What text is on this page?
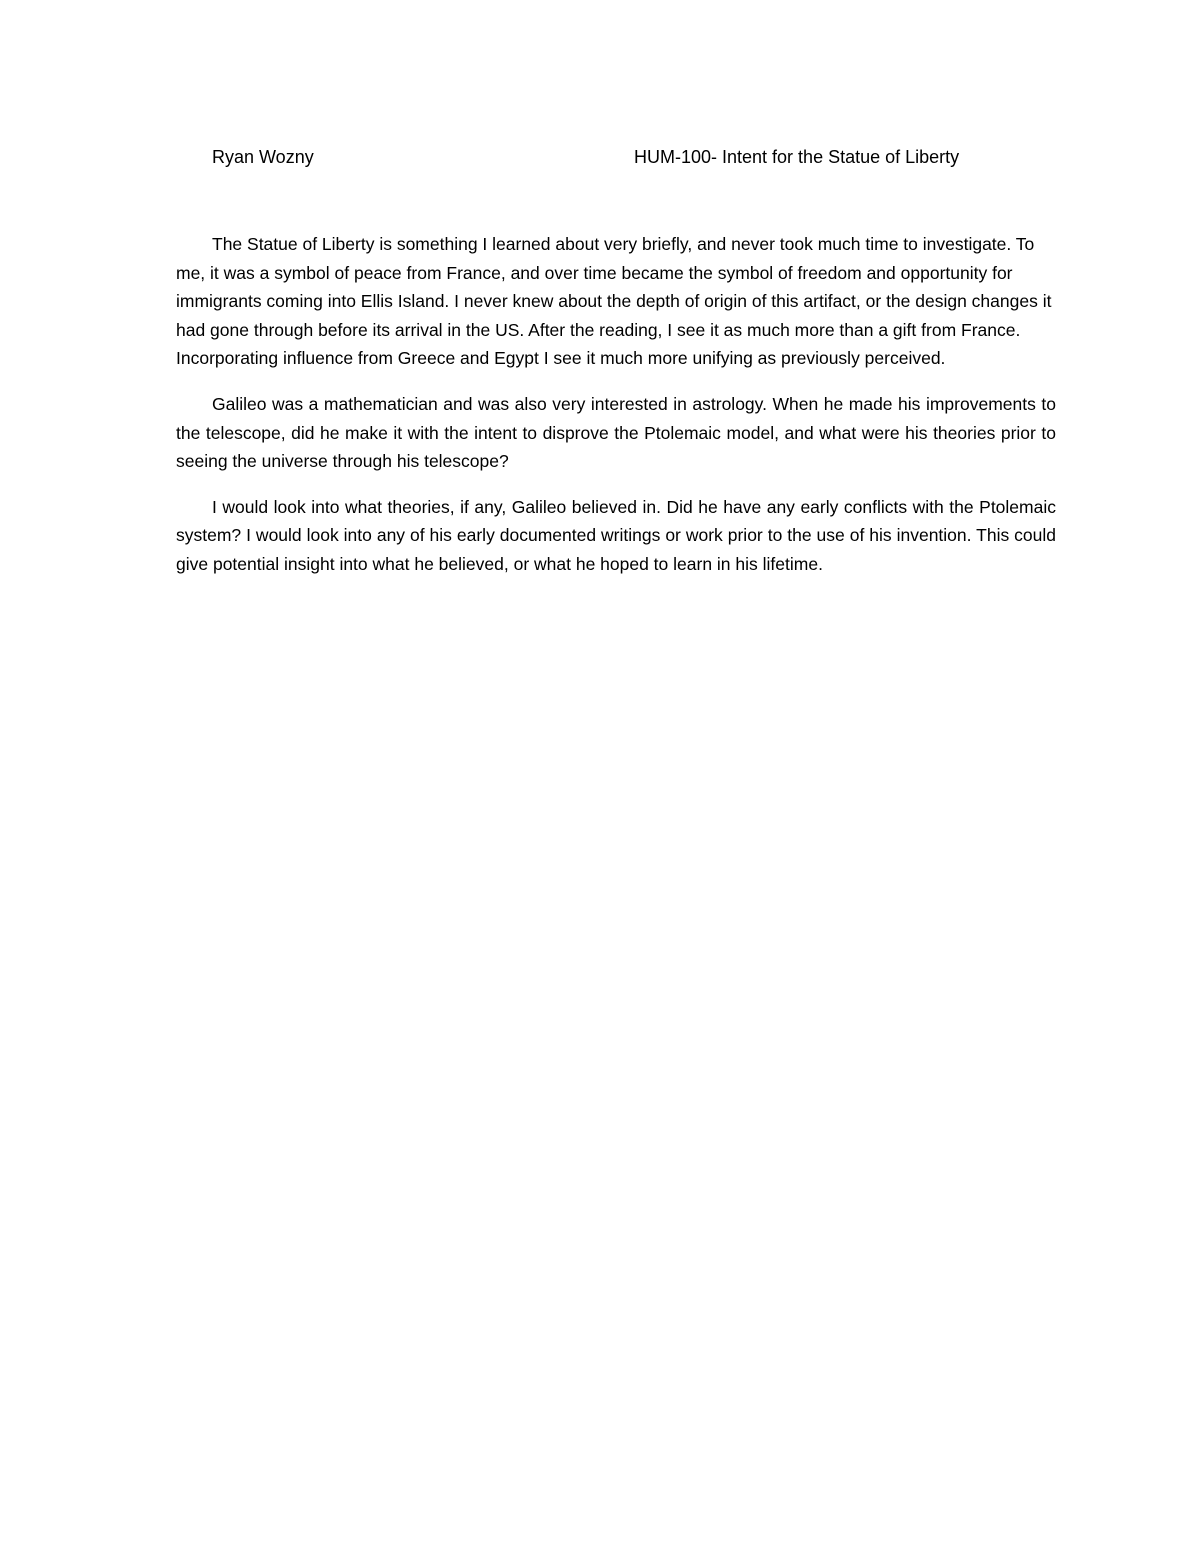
Ryan Wozny	HUM-100- Intent for the Statue of Liberty

The Statue of Liberty is something I learned about very briefly, and never took much time to investigate. To me, it was a symbol of peace from France, and over time became the symbol of freedom and opportunity for immigrants coming into Ellis Island. I never knew about the depth of origin of this artifact, or the design changes it had gone through before its arrival in the US. After the reading, I see it as much more than a gift from France. Incorporating influence from Greece and Egypt I see it much more unifying as previously perceived.

Galileo was a mathematician and was also very interested in astrology. When he made his improvements to the telescope, did he make it with the intent to disprove the Ptolemaic model, and what were his theories prior to seeing the universe through his telescope?

I would look into what theories, if any, Galileo believed in. Did he have any early conflicts with the Ptolemaic system? I would look into any of his early documented writings or work prior to the use of his invention. This could give potential insight into what he believed, or what he hoped to learn in his lifetime.
